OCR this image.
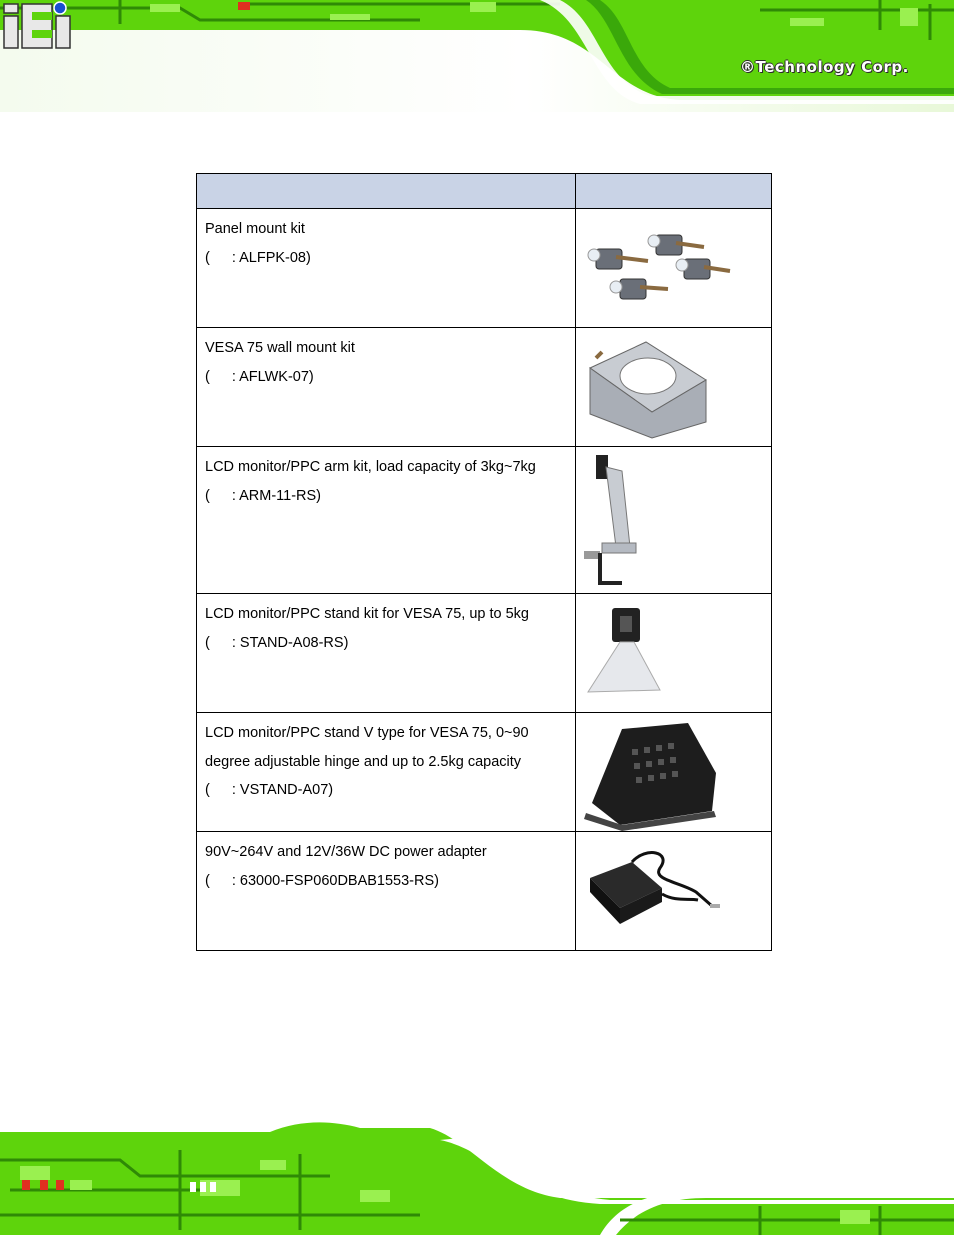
®Technology Corp.

Panel mount kit
( : ALFPK-08)

VESA 75 wall mount kit
( : AFLWK-07)

LCD monitor/PPC arm kit, load capacity of 3kg~7kg
( : ARM-11-RS)

LCD monitor/PPC stand kit for VESA 75, up to 5kg
( : STAND-A08-RS)

LCD monitor/PPC stand V type for VESA 75, 0~90
degree adjustable hinge and up to 2.5kg capacity
( : VSTAND-A07)

90V~264V and 12V/36W DC power adapter
( : 63000-FSP060DBAB1553-RS)
